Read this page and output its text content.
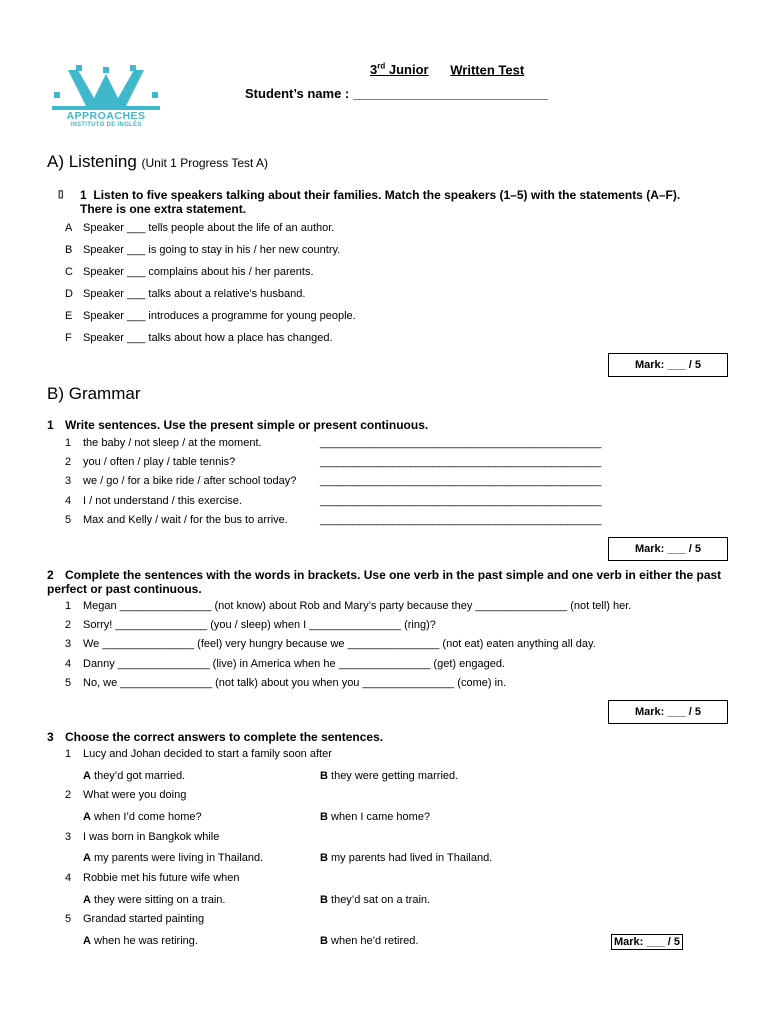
APPROACHES
INSTITUTO DE INGLÉS
3rd Junior Written Test
Student’s name : ___________________________
A) Listening (Unit 1 Progress Test A)
▯ 1 Listen to five speakers talking about their families. Match the speakers (1–5) with the statements (A–F). There is one extra statement.
A Speaker ___ tells people about the life of an author.
B Speaker ___ is going to stay in his / her new country.
C Speaker ___ complains about his / her parents.
D Speaker ___ talks about a relative’s husband.
E Speaker ___ introduces a programme for young people.
F Speaker ___ talks about how a place has changed.
Mark: ___ / 5
B) Grammar
1 Write sentences. Use the present simple or present continuous.
1 the baby / not sleep / at the moment.	__________________________________________________
2 you / often / play / table tennis?	__________________________________________________
3 we / go / for a bike ride / after school today? __________________________________________________
4 I / not understand / this exercise.	__________________________________________________
5 Max and Kelly / wait / for the bus to arrive.	__________________________________________________
Mark: ___ / 5
2 Complete the sentences with the words in brackets. Use one verb in the past simple and one verb in either the past perfect or past continuous.
1 Megan _______________ (not know) about Rob and Mary’s party because they _______________ (not tell) her.
2 Sorry! _______________ (you / sleep) when I _______________ (ring)?
3 We _______________ (feel) very hungry because we _______________ (not eat) eaten anything all day.
4 Danny _______________ (live) in America when he _______________ (get) engaged.
5 No, we _______________ (not talk) about you when you _______________ (come) in.
Mark: ___ / 5
3 Choose the correct answers to complete the sentences.
1 Lucy and Johan decided to start a family soon after
A they’d got married.	B they were getting married.
2 What were you doing
A when I’d come home?	B when I came home?
3 I was born in Bangkok while
A my parents were living in Thailand.	B my parents had lived in Thailand.
4 Robbie met his future wife when
A they were sitting on a train.	B they’d sat on a train.
5 Grandad started painting
A when he was retiring.	B when he’d retired.	Mark: ___ / 5
